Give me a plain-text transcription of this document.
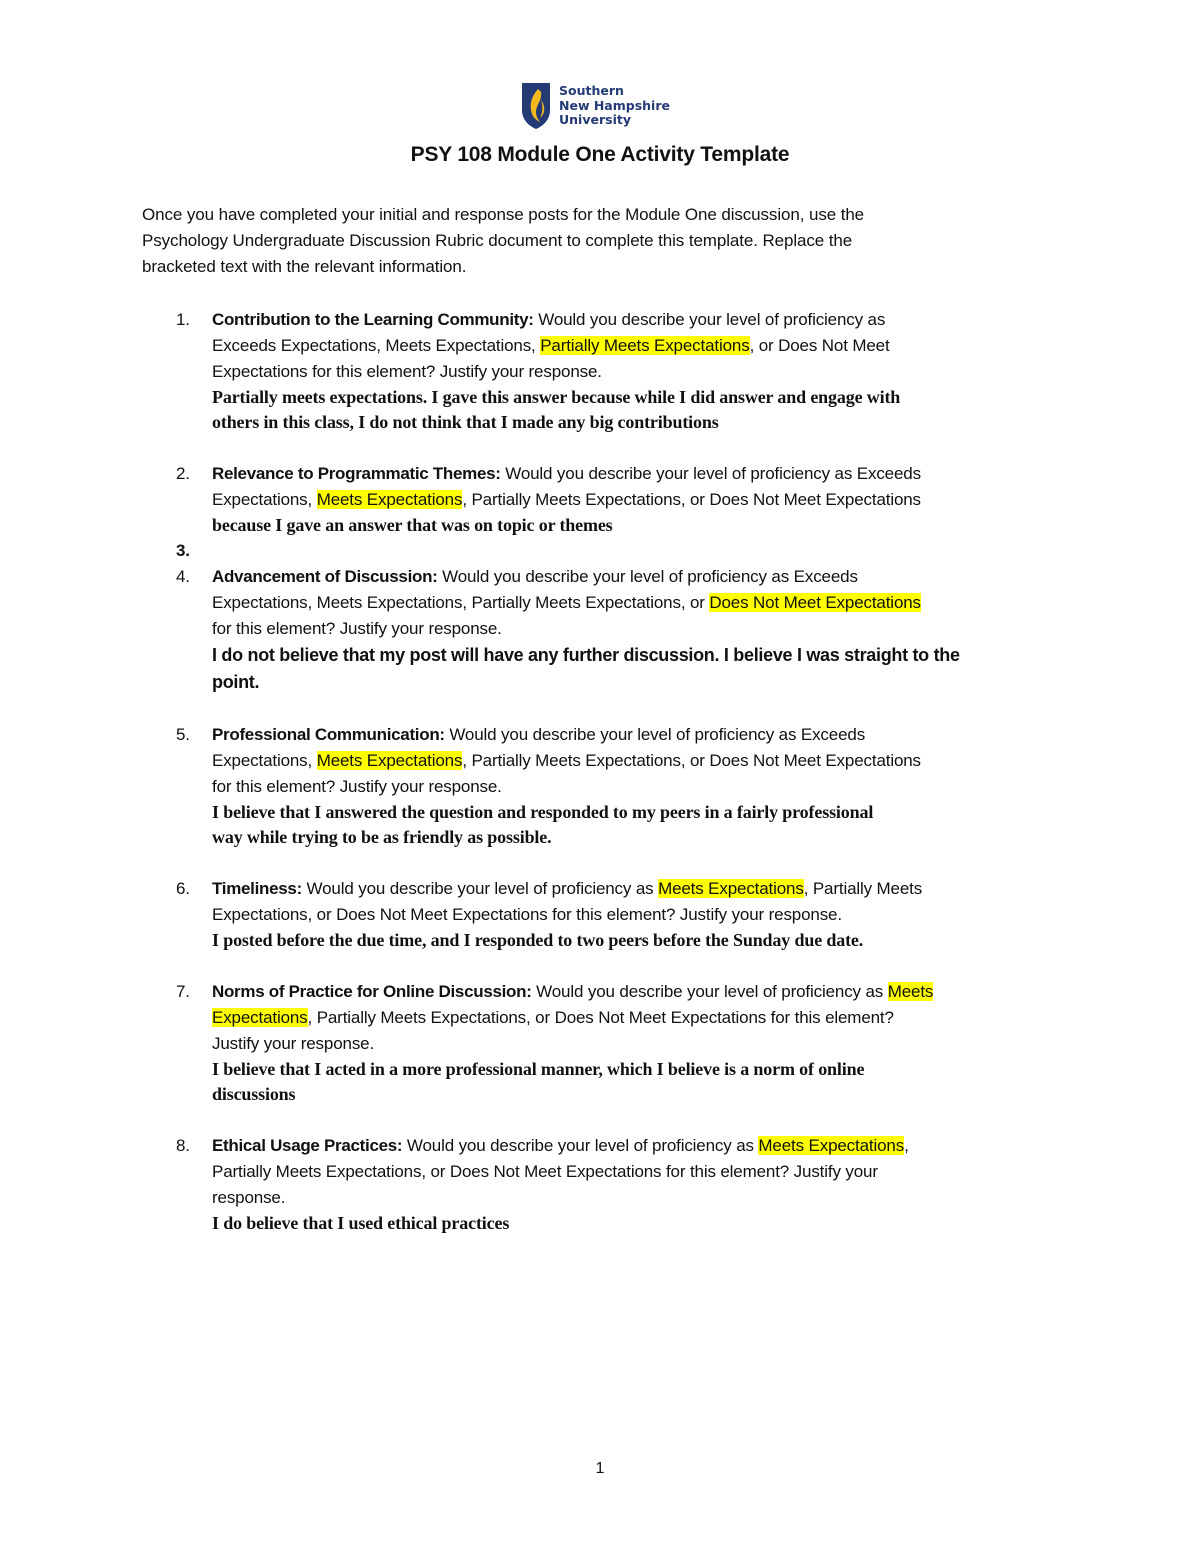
Southern
New Hampshire
University
PSY 108 Module One Activity Template
Once you have completed your initial and response posts for the Module One discussion, use the
Psychology Undergraduate Discussion Rubric document to complete this template. Replace the
bracketed text with the relevant information.
1. Contribution to the Learning Community: Would you describe your level of proficiency as
Exceeds Expectations, Meets Expectations, Partially Meets Expectations, or Does Not Meet
Expectations for this element? Justify your response.
Partially meets expectations. I gave this answer because while I did answer and engage with
others in this class, I do not think that I made any big contributions
2. Relevance to Programmatic Themes: Would you describe your level of proficiency as Exceeds
Expectations, Meets Expectations, Partially Meets Expectations, or Does Not Meet Expectations
because I gave an answer that was on topic or themes
3.

4. Advancement of Discussion: Would you describe your level of proficiency as Exceeds
Expectations, Meets Expectations, Partially Meets Expectations, or Does Not Meet Expectations
for this element? Justify your response.
I do not believe that my post will have any further discussion. I believe I was straight to the
point.
5. Professional Communication: Would you describe your level of proficiency as Exceeds
Expectations, Meets Expectations, Partially Meets Expectations, or Does Not Meet Expectations
for this element? Justify your response.
I believe that I answered the question and responded to my peers in a fairly professional
way while trying to be as friendly as possible.
6. Timeliness: Would you describe your level of proficiency as Meets Expectations, Partially Meets
Expectations, or Does Not Meet Expectations for this element? Justify your response.
I posted before the due time, and I responded to two peers before the Sunday due date.
7. Norms of Practice for Online Discussion: Would you describe your level of proficiency as Meets
Expectations, Partially Meets Expectations, or Does Not Meet Expectations for this element?
Justify your response.
I believe that I acted in a more professional manner, which I believe is a norm of online
discussions
8. Ethical Usage Practices: Would you describe your level of proficiency as Meets Expectations,
Partially Meets Expectations, or Does Not Meet Expectations for this element? Justify your
response.
I do believe that I used ethical practices
1
